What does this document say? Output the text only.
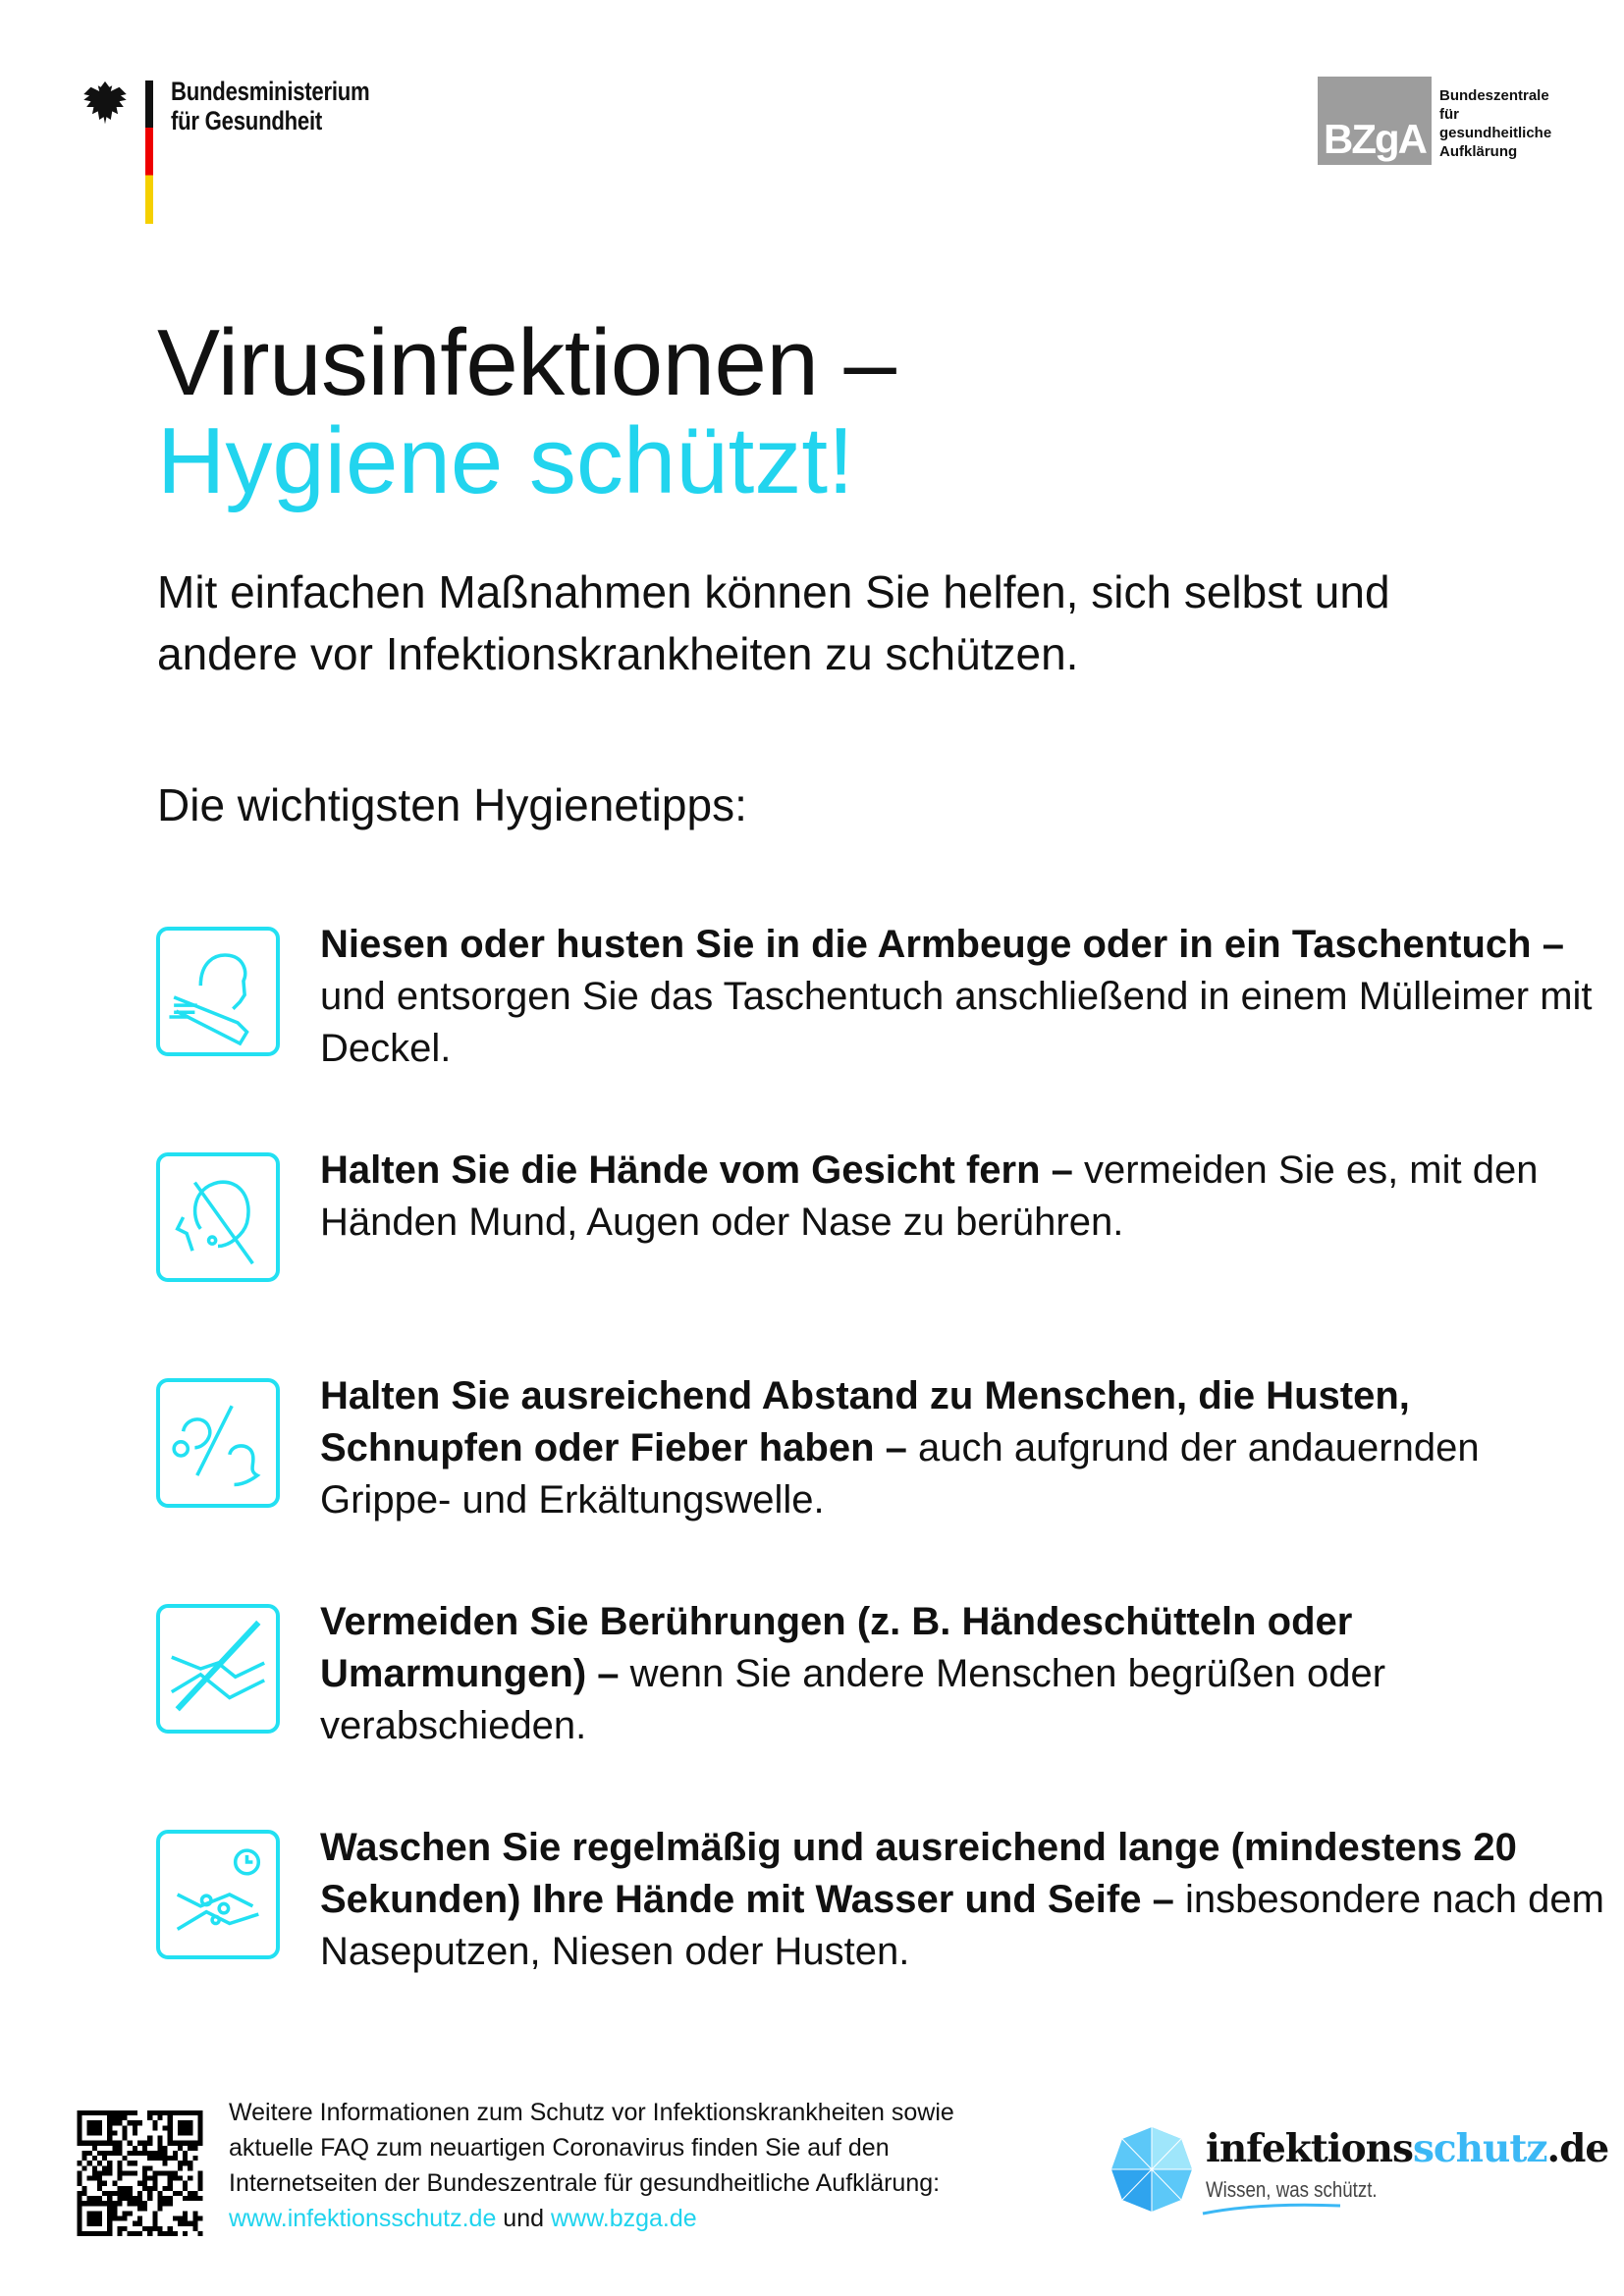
Bundesministerium
für Gesundheit	BZgA
Bundeszentrale
für
gesundheitliche
Aufklärung
Virusinfektionen –
Hygiene schützt!
Mit einfachen Maßnahmen können Sie helfen, sich selbst und andere vor Infektionskrankheiten zu schützen.
Die wichtigsten Hygienetipps:
Niesen oder husten Sie in die Armbeuge oder in ein Taschentuch – und entsorgen Sie das Taschentuch anschließend in einem Mülleimer mit Deckel.
Halten Sie die Hände vom Gesicht fern – vermeiden Sie es, mit den Händen Mund, Augen oder Nase zu berühren.
Halten Sie ausreichend Abstand zu Menschen, die Husten, Schnupfen oder Fieber haben – auch aufgrund der andauernden Grippe- und Erkältungswelle.
Vermeiden Sie Berührungen (z. B. Händeschütteln oder Umarmungen) – wenn Sie andere Menschen begrüßen oder verabschieden.
Waschen Sie regelmäßig und ausreichend lange (mindestens 20 Sekunden) Ihre Hände mit Wasser und Seife – insbesondere nach dem Naseputzen, Niesen oder Husten.
Weitere Informationen zum Schutz vor Infektionskrankheiten sowie aktuelle FAQ zum neuartigen Coronavirus finden Sie auf den Internetseiten der Bundeszentrale für gesundheitliche Aufklärung:
www.infektionsschutz.de und www.bzga.de
infektionsschutz.de
Wissen, was schützt.
